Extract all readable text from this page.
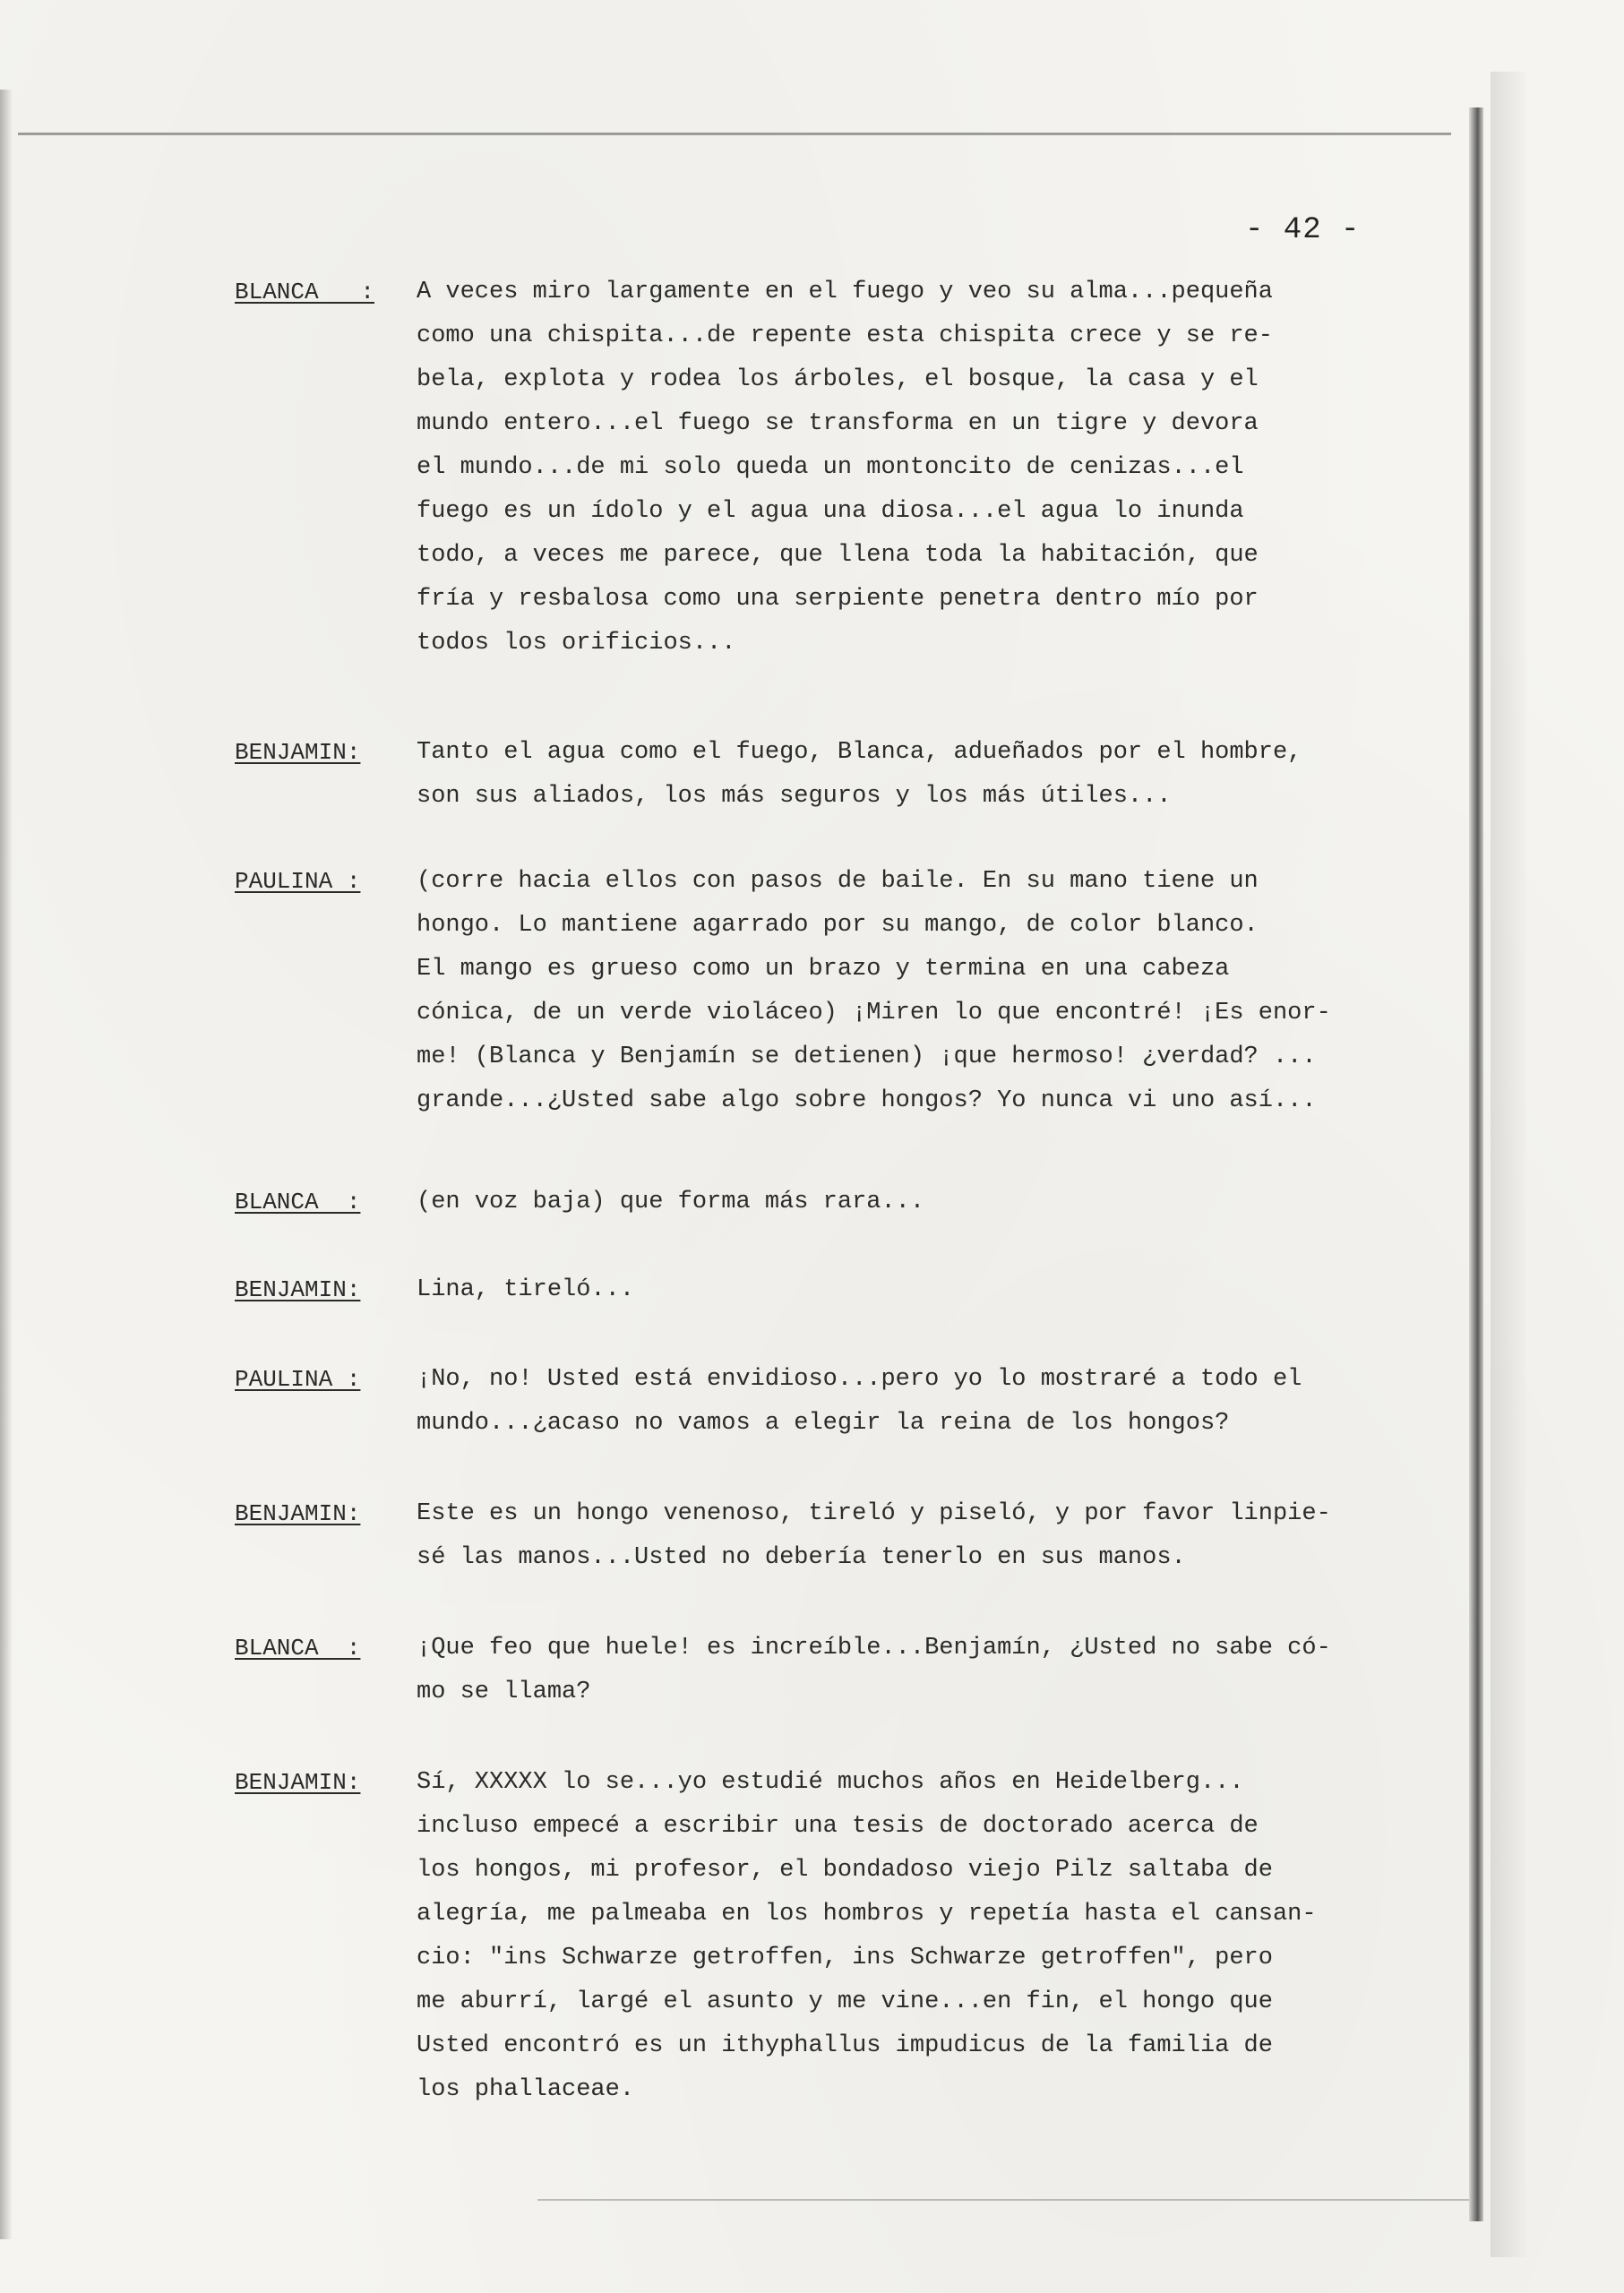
- 42 -
BLANCA   : A veces miro largamente en el fuego y veo su alma...pequeña
como una chispita...de repente esta chispita crece y se re-
bela, explota y rodea los árboles, el bosque, la casa y el
mundo entero...el fuego se transforma en un tigre y devora
el mundo...de mi solo queda un montoncito de cenizas...el
fuego es un ídolo y el agua una diosa...el agua lo inunda
todo, a veces me parece, que llena toda la habitación, que
fría y resbalosa como una serpiente penetra dentro mío por
todos los orificios...
BENJAMIN: Tanto el agua como el fuego, Blanca, adueñados por el hombre,
son sus aliados, los más seguros y los más útiles...
PAULINA : (corre hacia ellos con pasos de baile. En su mano tiene un
hongo. Lo mantiene agarrado por su mango, de color blanco.
El mango es grueso como un brazo y termina en una cabeza
cónica, de un verde violáceo) ¡Miren lo que encontré! ¡Es enor-
me! (Blanca y Benjamín se detienen) ¡que hermoso! ¿verdad? ...
grande...¿Usted sabe algo sobre hongos? Yo nunca vi uno así...
BLANCA  : (en voz baja) que forma más rara...
BENJAMIN: Lina, tireló...
PAULINA : ¡No, no! Usted está envidioso...pero yo lo mostraré a todo el
mundo...¿acaso no vamos a elegir la reina de los hongos?
BENJAMIN: Este es un hongo venenoso, tireló y piseló, y por favor linpie-
sé las manos...Usted no debería tenerlo en sus manos.
BLANCA  : ¡Que feo que huele! es increíble...Benjamín, ¿Usted no sabe có-
mo se llama?
BENJAMIN: Sí, XXXXX lo se...yo estudié muchos años en Heidelberg...
incluso empecé a escribir una tesis de doctorado acerca de
los hongos, mi profesor, el bondadoso viejo Pilz saltaba de
alegría, me palmeaba en los hombros y repetía hasta el cansan-
cio: "ins Schwarze getroffen, ins Schwarze getroffen", pero
me aburrí, largé el asunto y me vine...en fin, el hongo que
Usted encontró es un ithyphallus impudicus de la familia de
los phallaceae.
